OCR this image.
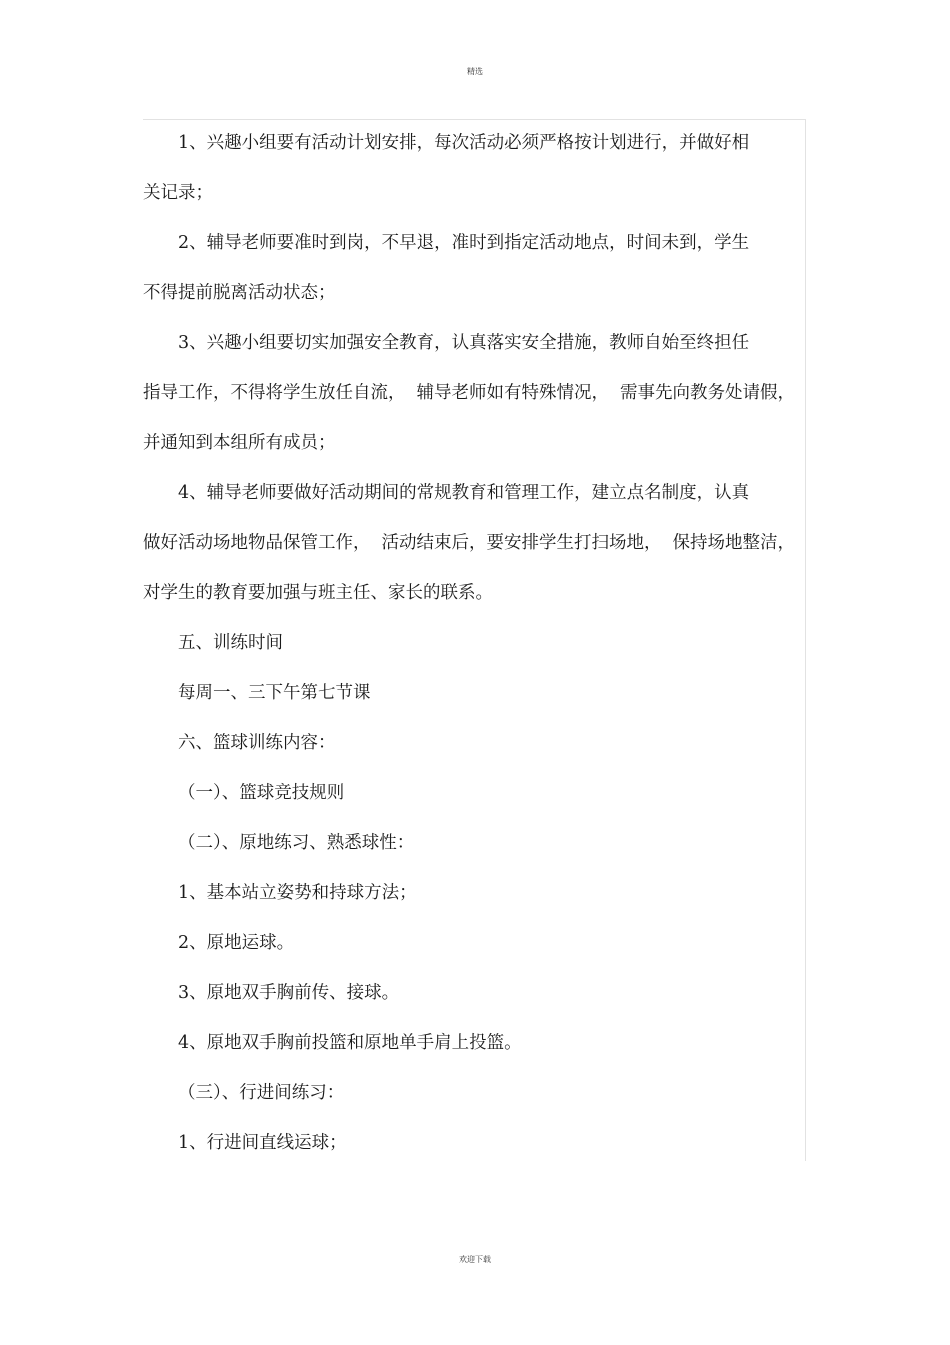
精选
1、兴趣小组要有活动计划安排，每次活动必须严格按计划进行，并做好相
关记录；
2、辅导老师要准时到岗，不早退，准时到指定活动地点，时间未到，学生
不得提前脱离活动状态；
3、兴趣小组要切实加强安全教育，认真落实安全措施，教师自始至终担任
指导工作，不得将学生放任自流， 辅导老师如有特殊情况， 需事先向教务处请假，
并通知到本组所有成员；
4、辅导老师要做好活动期间的常规教育和管理工作，建立点名制度，认真
做好活动场地物品保管工作， 活动结束后，要安排学生打扫场地， 保持场地整洁，
对学生的教育要加强与班主任、家长的联系。
五、训练时间
每周一、三下午第七节课
六、篮球训练内容：
（一）、篮球竞技规则
（二）、原地练习、熟悉球性：
1、基本站立姿势和持球方法；
2、原地运球。
3、原地双手胸前传、接球。
4、原地双手胸前投篮和原地单手肩上投篮。
（三）、行进间练习：
1、行进间直线运球；
欢迎下载
